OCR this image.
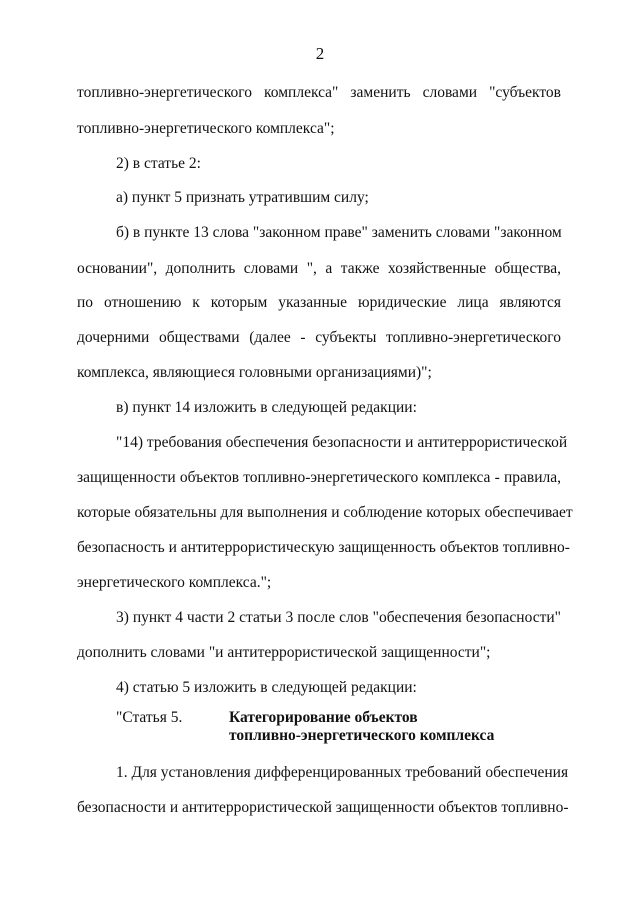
2
топливно-энергетического комплекса" заменить словами "субъектов
топливно-энергетического комплекса";
2) в статье 2:
а) пункт 5 признать утратившим силу;
б) в пункте 13 слова "законном праве" заменить словами "законном
основании", дополнить словами ", а также хозяйственные общества,
по отношению к которым указанные юридические лица являются
дочерними обществами (далее - субъекты топливно-энергетического
комплекса, являющиеся головными организациями)";
в) пункт 14 изложить в следующей редакции:
"14) требования обеспечения безопасности и антитеррористической
защищенности объектов топливно-энергетического комплекса - правила,
которые обязательны для выполнения и соблюдение которых обеспечивает
безопасность и антитеррористическую защищенность объектов топливно-
энергетического комплекса.";
3) пункт 4 части 2 статьи 3 после слов "обеспечения безопасности"
дополнить словами "и антитеррористической защищенности";
4) статью 5 изложить в следующей редакции:
"Статья 5.	Категорирование объектов
топливно-энергетического комплекса
1. Для установления дифференцированных требований обеспечения
безопасности и антитеррористической защищенности объектов топливно-
